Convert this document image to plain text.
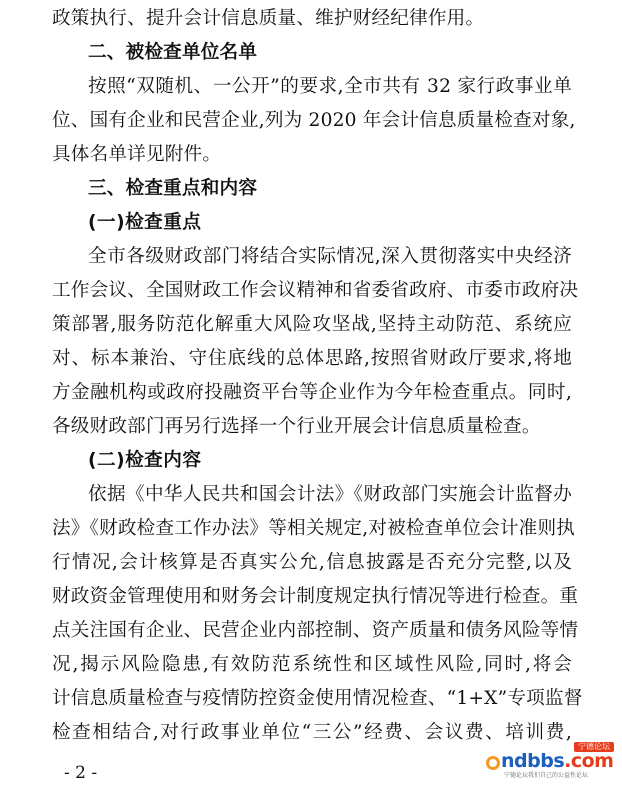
政策执行、提升会计信息质量、维护财经纪律作用。
二、被检查单位名单
按照“双随机、一公开”的要求,全市共有 32 家行政事业单
位、国有企业和民营企业,列为 2020 年会计信息质量检查对象,
具体名单详见附件。
三、检查重点和内容
(一)检查重点
全市各级财政部门将结合实际情况,深入贯彻落实中央经济
工作会议、全国财政工作会议精神和省委省政府、市委市政府决
策部署,服务防范化解重大风险攻坚战,坚持主动防范、系统应
对、标本兼治、守住底线的总体思路,按照省财政厅要求,将地
方金融机构或政府投融资平台等企业作为今年检查重点。同时,
各级财政部门再另行选择一个行业开展会计信息质量检查。
(二)检查内容
依据《中华人民共和国会计法》《财政部门实施会计监督办
法》《财政检查工作办法》等相关规定,对被检查单位会计准则执
行情况,会计核算是否真实公允,信息披露是否充分完整,以及
财政资金管理使用和财务会计制度规定执行情况等进行检查。重
点关注国有企业、民营企业内部控制、资产质量和债务风险等情
况,揭示风险隐患,有效防范系统性和区域性风险,同时,将会
计信息质量检查与疫情防控资金使用情况检查、“1+X”专项监督
检查相结合,对行政事业单位“三公”经费、会议费、培训费,
- 2 -
宁德论坛
ndbbs.com
宁德论坛我们自己的公益性论坛
